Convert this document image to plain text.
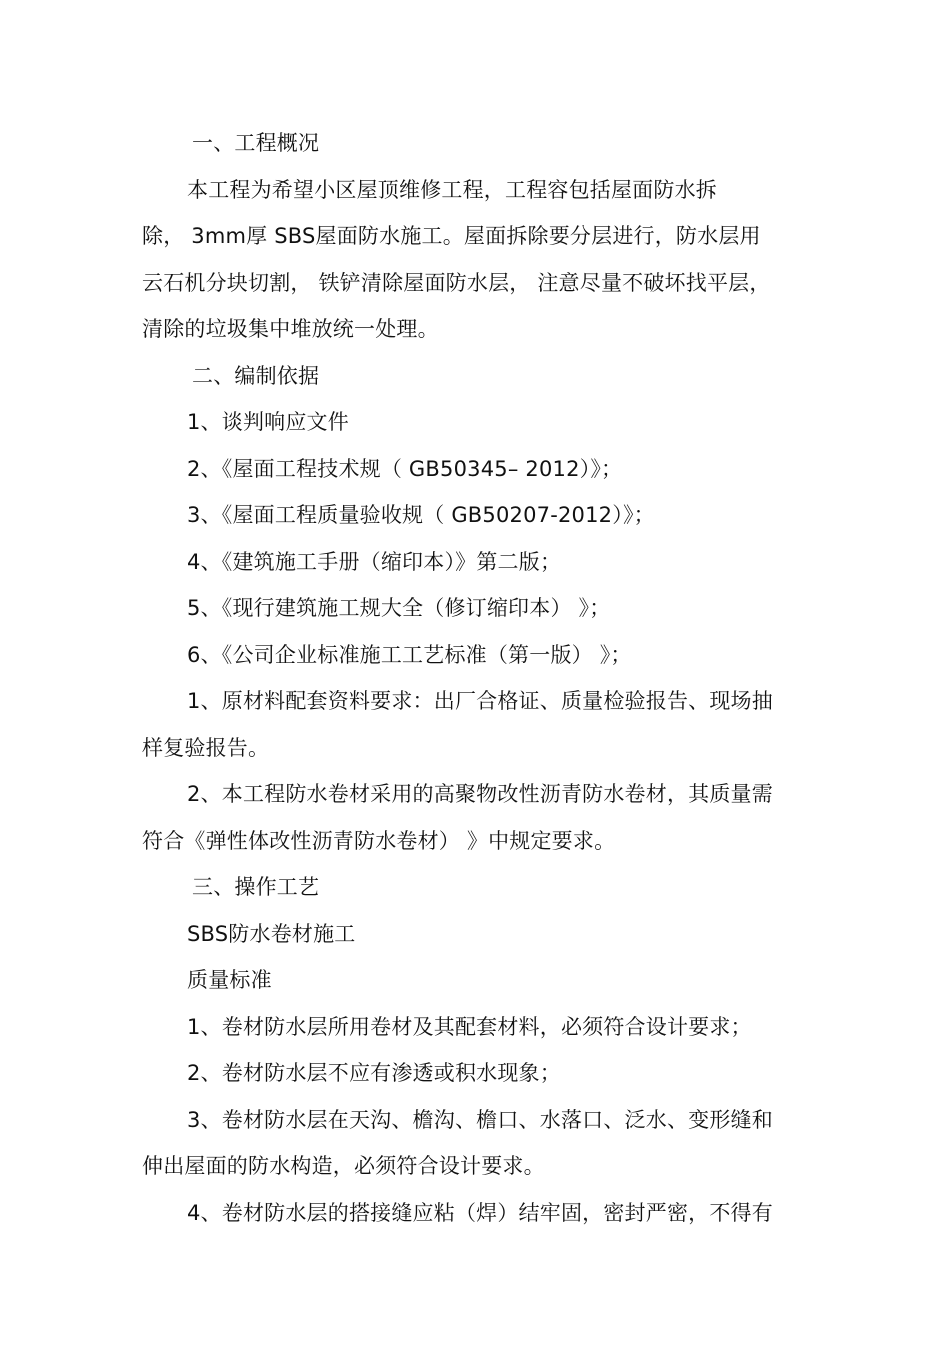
一、工程概况
本工程为希望小区屋顶维修工程，工程容包括屋面防水拆
除， 3mm厚 SBS屋面防水施工。屋面拆除要分层进行，防水层用
云石机分块切割， 铁铲清除屋面防水层， 注意尽量不破坏找平层，
清除的垃圾集中堆放统一处理。
二、编制依据
1、谈判响应文件
2、《屋面工程技术规（ GB50345– 2012）》；
3、《屋面工程质量验收规（ GB50207-2012）》；
4、《建筑施工手册（缩印本）》第二版；
5、《现行建筑施工规大全（修订缩印本） 》；
6、《公司企业标准施工工艺标准（第一版） 》；
1、原材料配套资料要求：出厂合格证、质量检验报告、现场抽
样复验报告。
2、本工程防水卷材采用的高聚物改性沥青防水卷材，其质量需
符合《弹性体改性沥青防水卷材） 》中规定要求。
三、操作工艺
SBS防水卷材施工
质量标准
1、卷材防水层所用卷材及其配套材料，必须符合设计要求；
2、卷材防水层不应有渗透或积水现象；
3、卷材防水层在天沟、檐沟、檐口、水落口、泛水、变形缝和
伸出屋面的防水构造，必须符合设计要求。
4、卷材防水层的搭接缝应粘（焊）结牢固，密封严密，不得有
